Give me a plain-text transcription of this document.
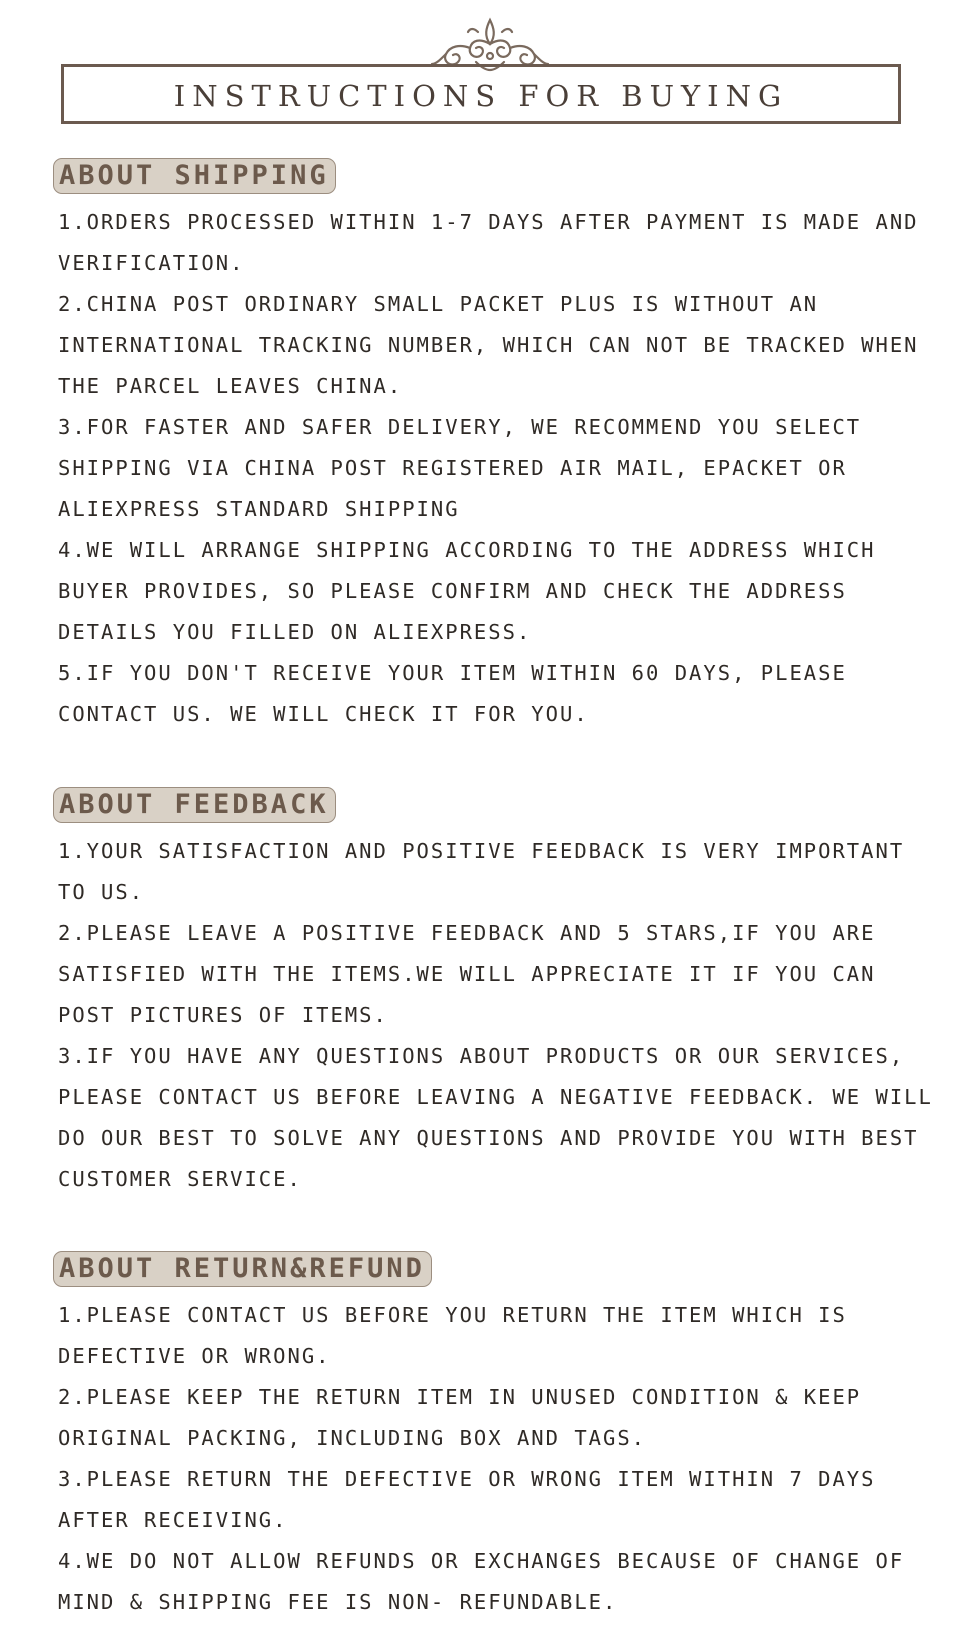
INSTRUCTIONS FOR BUYING
ABOUT SHIPPING
1.ORDERS PROCESSED WITHIN 1-7 DAYS AFTER PAYMENT IS MADE AND VERIFICATION.
2.CHINA POST ORDINARY SMALL PACKET PLUS IS WITHOUT AN INTERNATIONAL TRACKING NUMBER, WHICH CAN NOT BE TRACKED WHEN THE PARCEL LEAVES CHINA.
3.FOR FASTER AND SAFER DELIVERY, WE RECOMMEND YOU SELECT SHIPPING VIA CHINA POST REGISTERED AIR MAIL, EPACKET OR ALIEXPRESS STANDARD SHIPPING
4.WE WILL ARRANGE SHIPPING ACCORDING TO THE ADDRESS WHICH BUYER PROVIDES, SO PLEASE CONFIRM AND CHECK THE ADDRESS DETAILS YOU FILLED ON ALIEXPRESS.
5.IF YOU DON'T RECEIVE YOUR ITEM WITHIN 60 DAYS, PLEASE CONTACT US. WE WILL CHECK IT FOR YOU.
ABOUT FEEDBACK
1.YOUR SATISFACTION AND POSITIVE FEEDBACK IS VERY IMPORTANT TO US.
2.PLEASE LEAVE A POSITIVE FEEDBACK AND 5 STARS,IF YOU ARE SATISFIED WITH THE ITEMS.WE WILL APPRECIATE IT IF YOU CAN POST PICTURES OF ITEMS.
3.IF YOU HAVE ANY QUESTIONS ABOUT PRODUCTS OR OUR SERVICES, PLEASE CONTACT US BEFORE LEAVING A NEGATIVE FEEDBACK. WE WILL DO OUR BEST TO SOLVE ANY QUESTIONS AND PROVIDE YOU WITH BEST CUSTOMER SERVICE.
ABOUT RETURN&REFUND
1.PLEASE CONTACT US BEFORE YOU RETURN THE ITEM WHICH IS DEFECTIVE OR WRONG.
2.PLEASE KEEP THE RETURN ITEM IN UNUSED CONDITION & KEEP ORIGINAL PACKING, INCLUDING BOX AND TAGS.
3.PLEASE RETURN THE DEFECTIVE OR WRONG ITEM WITHIN 7 DAYS AFTER RECEIVING.
4.WE DO NOT ALLOW REFUNDS OR EXCHANGES BECAUSE OF CHANGE OF MIND & SHIPPING FEE IS NON- REFUNDABLE.
